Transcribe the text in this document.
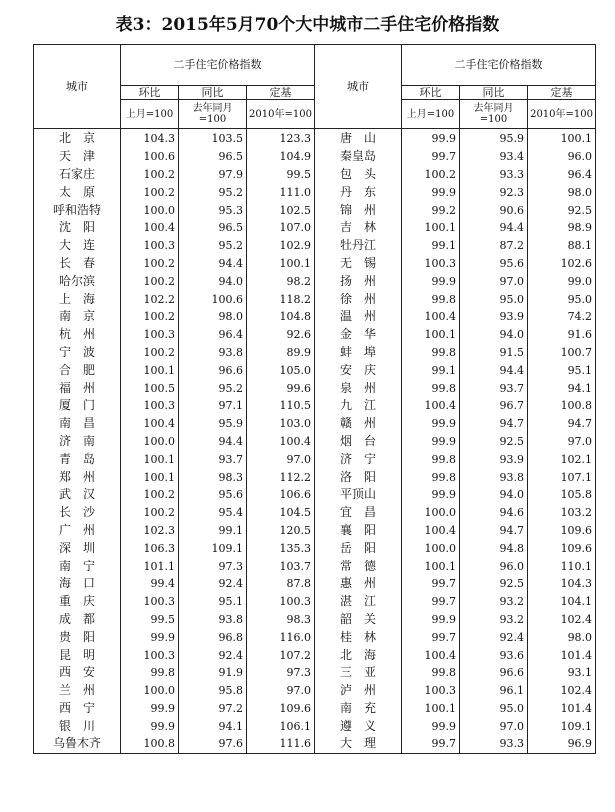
表3：2015年5月70个大中城市二手住宅价格指数
城市	二手住宅价格指数			城市	二手住宅价格指数		
	环比	同比	定基		环比	同比	定基
	上月=100	去年同月=100	2010年=100		上月=100	去年同月=100	2010年=100
北　京	104.3	103.5	123.3	唐　山	99.9	95.9	100.1
天　津	100.6	96.5	104.9	秦皇岛	99.7	93.4	96.0
石家庄	100.2	97.9	99.5	包　头	100.2	93.3	96.4
太　原	100.2	95.2	111.0	丹　东	99.9	92.3	98.0
呼和浩特	100.0	95.3	102.5	锦　州	99.2	90.6	92.5
沈　阳	100.4	96.5	107.0	吉　林	100.1	94.4	98.9
大　连	100.3	95.2	102.9	牡丹江	99.1	87.2	88.1
长　春	100.2	94.4	100.1	无　锡	100.3	95.6	102.6
哈尔滨	100.2	94.0	98.2	扬　州	99.9	97.0	99.0
上　海	102.2	100.6	118.2	徐　州	99.8	95.0	95.0
南　京	100.2	98.0	104.8	温　州	100.4	93.9	74.2
杭　州	100.3	96.4	92.6	金　华	100.1	94.0	91.6
宁　波	100.2	93.8	89.9	蚌　埠	99.8	91.5	100.7
合　肥	100.1	96.6	105.0	安　庆	99.1	94.4	95.1
福　州	100.5	95.2	99.6	泉　州	99.8	93.7	94.1
厦　门	100.3	97.1	110.5	九　江	100.4	96.7	100.8
南　昌	100.4	95.9	103.0	赣　州	99.9	94.7	94.7
济　南	100.0	94.4	100.4	烟　台	99.9	92.5	97.0
青　岛	100.1	93.7	97.0	济　宁	99.8	93.9	102.1
郑　州	100.1	98.3	112.2	洛　阳	99.8	93.8	107.1
武　汉	100.2	95.6	106.6	平顶山	99.9	94.0	105.8
长　沙	100.2	95.4	104.5	宜　昌	100.0	94.6	103.2
广　州	102.3	99.1	120.5	襄　阳	100.4	94.7	109.6
深　圳	106.3	109.1	135.3	岳　阳	100.0	94.8	109.6
南　宁	101.1	97.3	103.7	常　德	100.1	96.0	110.1
海　口	99.4	92.4	87.8	惠　州	99.7	92.5	104.3
重　庆	100.3	95.1	100.3	湛　江	99.7	93.2	104.1
成　都	99.5	93.8	98.3	韶　关	99.9	93.2	102.4
贵　阳	99.9	96.8	116.0	桂　林	99.7	92.4	98.0
昆　明	100.3	92.4	107.2	北　海	100.4	93.6	101.4
西　安	99.8	91.9	97.3	三　亚	99.8	96.6	93.1
兰　州	100.0	95.8	97.0	泸　州	100.3	96.1	102.4
西　宁	99.9	97.2	109.6	南　充	100.1	95.0	101.4
银　川	99.9	94.1	106.1	遵　义	99.9	97.0	109.1
乌鲁木齐	100.8	97.6	111.6	大　理	99.7	93.3	96.9
